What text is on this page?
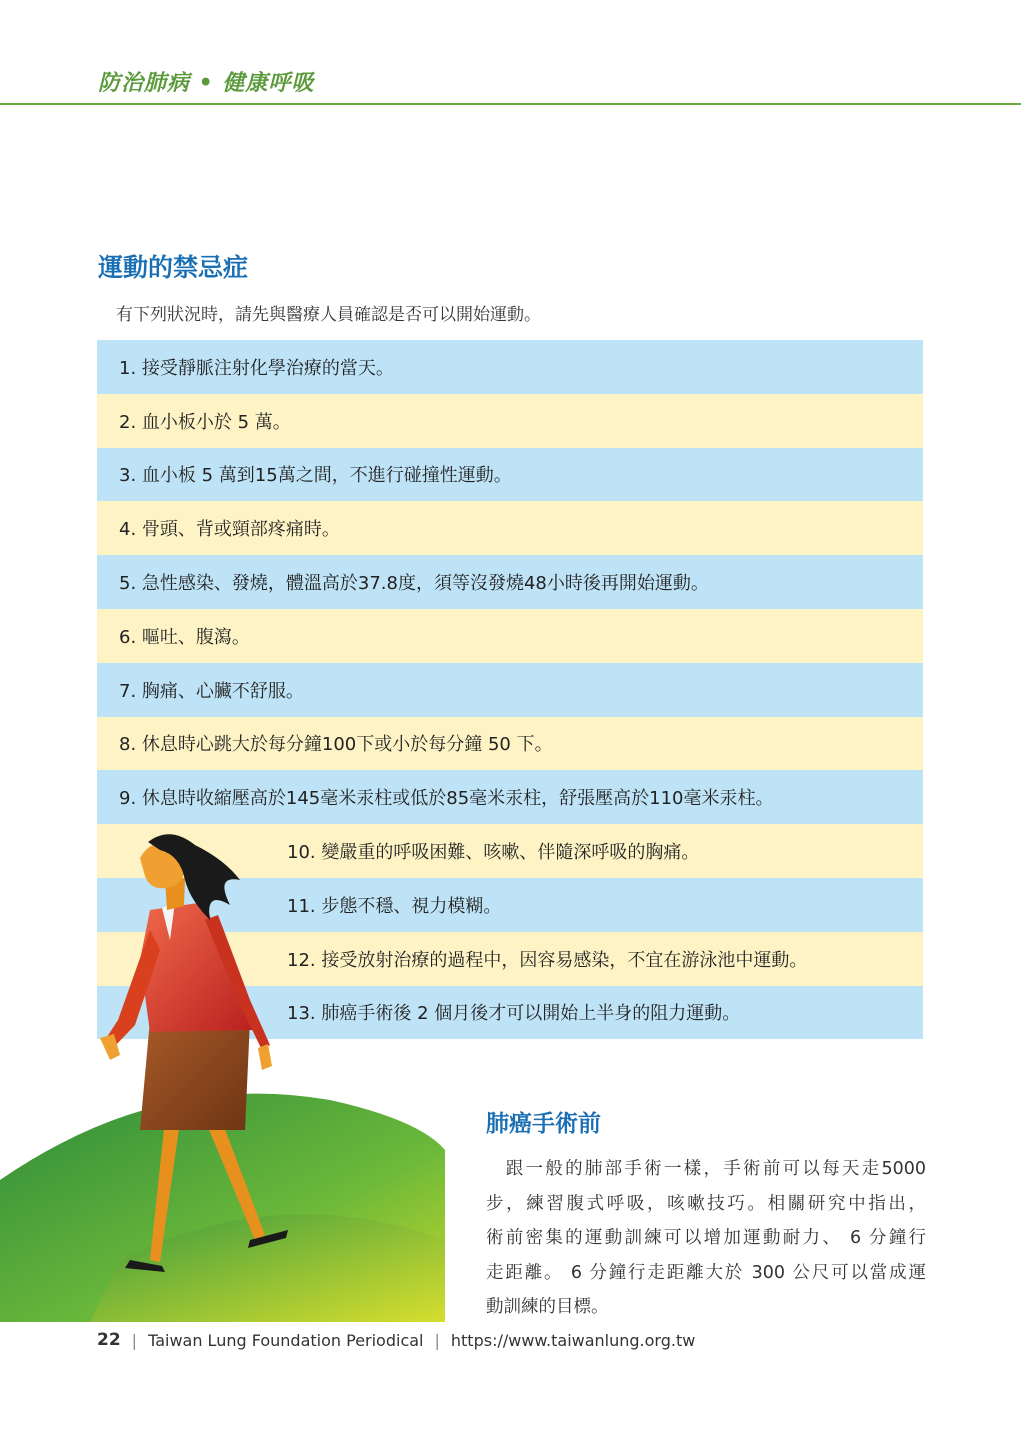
防治肺病 • 健康呼吸
運動的禁忌症
有下列狀況時，請先與醫療人員確認是否可以開始運動。
1. 接受靜脈注射化學治療的當天。
2. 血小板小於 5 萬。
3. 血小板 5 萬到15萬之間，不進行碰撞性運動。
4. 骨頭、背或頸部疼痛時。
5. 急性感染、發燒，體溫高於37.8度，須等沒發燒48小時後再開始運動。
6. 嘔吐、腹瀉。
7. 胸痛、心臟不舒服。
8. 休息時心跳大於每分鐘100下或小於每分鐘 50 下。
9. 休息時收縮壓高於145毫米汞柱或低於85毫米汞柱，舒張壓高於110毫米汞柱。
10. 變嚴重的呼吸困難、咳嗽、伴隨深呼吸的胸痛。
11. 步態不穩、視力模糊。
12. 接受放射治療的過程中，因容易感染，不宜在游泳池中運動。
13. 肺癌手術後 2 個月後才可以開始上半身的阻力運動。
肺癌手術前
　跟一般的肺部手術一樣，手術前可以每天走5000
步，練習腹式呼吸，咳嗽技巧。相關研究中指出，
術前密集的運動訓練可以增加運動耐力、 6 分鐘行
走距離。 6 分鐘行走距離大於 300 公尺可以當成運
動訓練的目標。
22 | Taiwan Lung Foundation Periodical | https://www.taiwanlung.org.tw
